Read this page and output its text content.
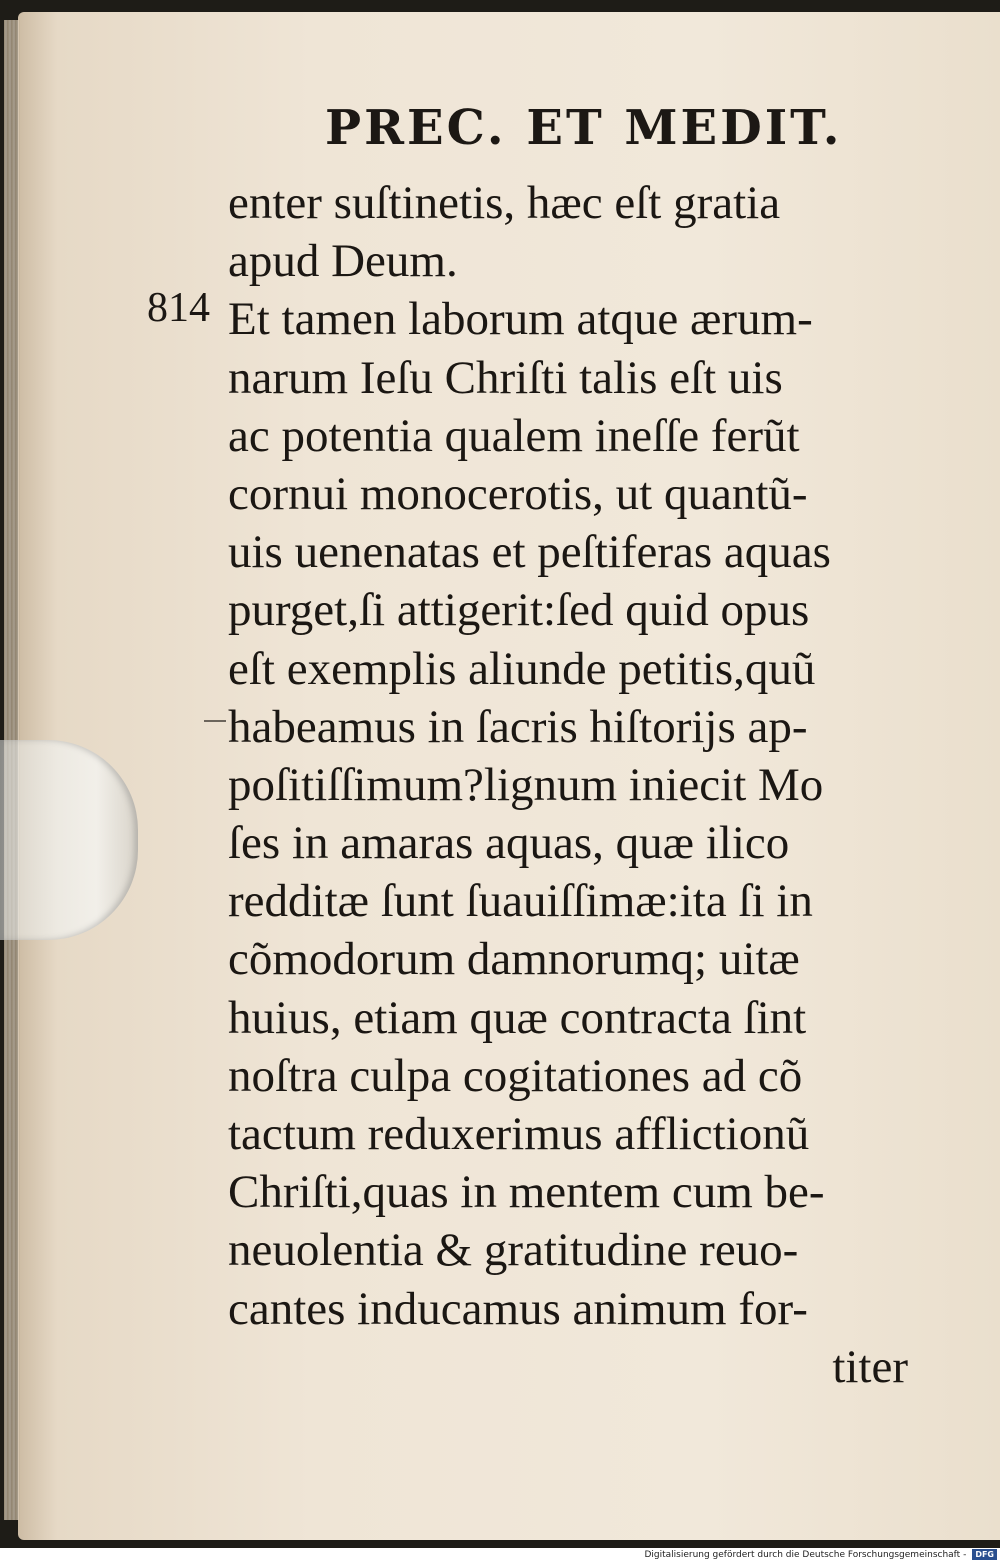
PREC. ET MEDIT.
814
enter suſtinetis, hæc eſt gratia
apud Deum.
Et tamen laborum atque ærum-
narum Ieſu Chriſti talis eſt uis
ac potentia qualem ineſſe ferũt
cornui monocerotis, ut quantũ-
uis uenenatas et peſtiferas aquas
purget,ſi attigerit:ſed quid opus
eſt exemplis aliunde petitis,quũ
habeamus in ſacris hiſtorijs ap-
poſitiſſimum?lignum iniecit Mo
ſes in amaras aquas, quæ ilico
redditæ ſunt ſuauiſſimæ:ita ſi in
cõmodorum damnorumq; uitæ
huius, etiam quæ contracta ſint
noſtra culpa cogitationes ad cõ
tactum reduxerimus afflictionũ
Chriſti,quas in mentem cum be-
neuolentia & gratitudine reuo-
cantes inducamus animum for-
titer
Digitalisierung gefördert durch die Deutsche Forschungsgemeinschaft - DFG
